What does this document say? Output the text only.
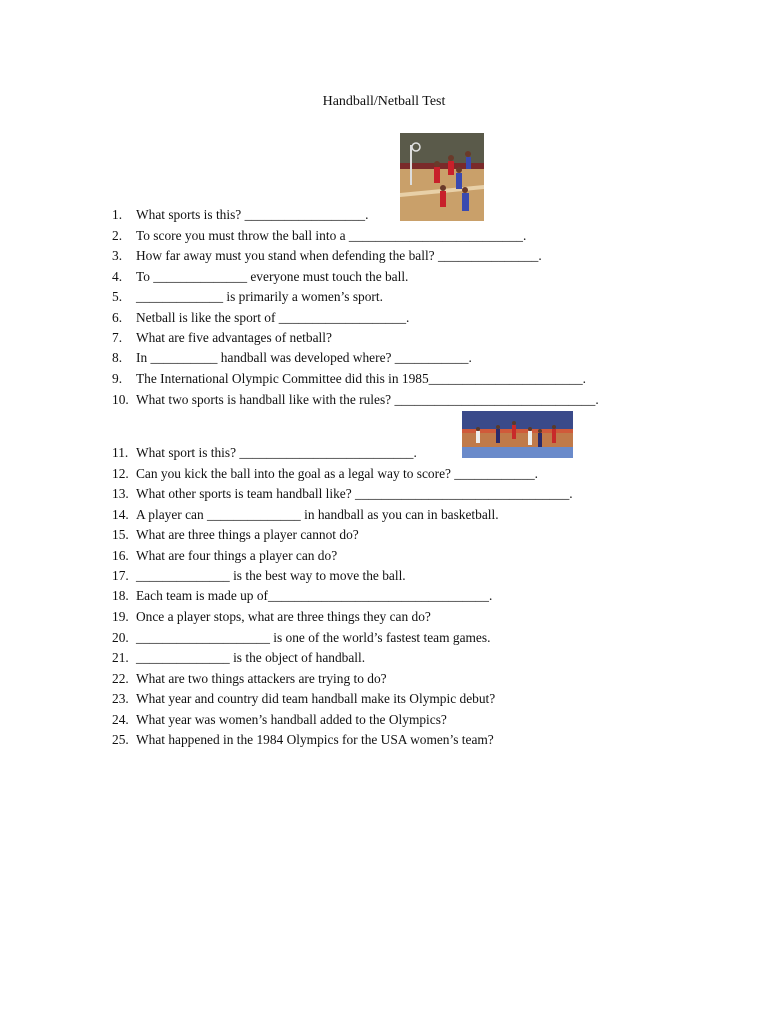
Handball/Netball Test
1. What sports is this? __________________.
2. To score you must throw the ball into a __________________________.
3. How far away must you stand when defending the ball? _______________.
4. To ______________ everyone must touch the ball.
5. _____________ is primarily a women’s sport.
6. Netball is like the sport of ___________________.
7. What are five advantages of netball?
8. In __________ handball was developed where? ___________.
9. The International Olympic Committee did this in 1985_______________________.
10. What two sports is handball like with the rules? ______________________________.
11. What sport is this? __________________________.
12. Can you kick the ball into the goal as a legal way to score? ____________.
13. What other sports is team handball like? ________________________________.
14. A player can ______________ in handball as you can in basketball.
15. What are three things a player cannot do?
16. What are four things a player can do?
17. ______________ is the best way to move the ball.
18. Each team is made up of_________________________________.
19. Once a player stops, what are three things they can do?
20. ____________________ is one of the world’s fastest team games.
21. ______________ is the object of handball.
22. What are two things attackers are trying to do?
23. What year and country did team handball make its Olympic debut?
24. What year was women’s handball added to the Olympics?
25. What happened in the 1984 Olympics for the USA women’s team?
